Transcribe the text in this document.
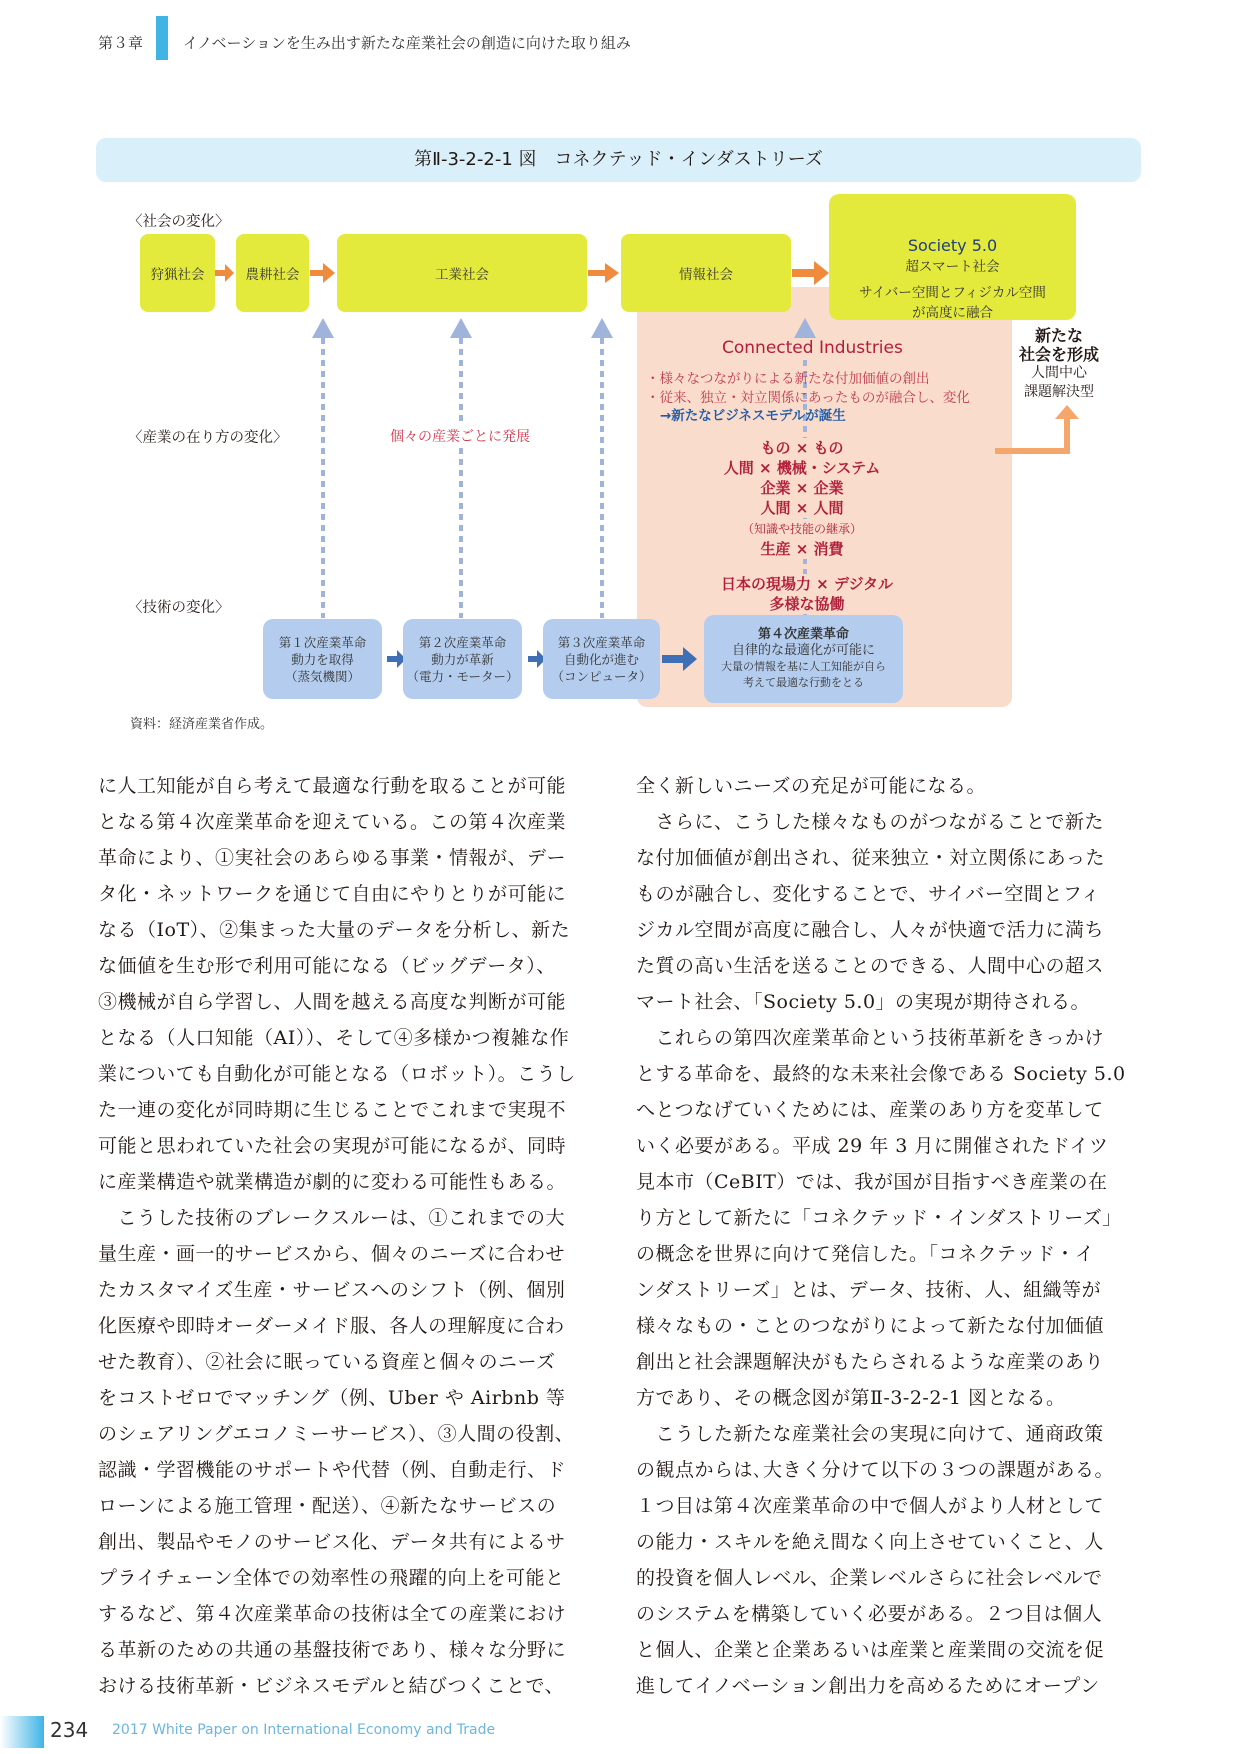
第３章	イノベーションを生み出す新たな産業社会の創造に向けた取り組み
第Ⅱ-3-2-2-1 図　コネクテッド・インダストリーズ
〈社会の変化〉
〈産業の在り方の変化〉
〈技術の変化〉
狩猟社会	農耕社会	工業社会	情報社会
Society 5.0
超スマート社会
サイバー空間とフィジカル空間
が高度に融合
個々の産業ごとに発展
Connected Industries
・様々なつながりによる新たな付加価値の創出
・従来、独立・対立関係にあったものが融合し、変化
→新たなビジネスモデルが誕生
もの × もの
人間 × 機械・システム
企業 × 企業
人間 × 人間
（知識や技能の継承）
生産 × 消費
日本の現場力 × デジタル
多様な協働
新たな
社会を形成
人間中心
課題解決型
第１次産業革命
動力を取得
（蒸気機関）
第２次産業革命
動力が革新
（電力・モーター）
第３次産業革命
自動化が進む
（コンピュータ）
第４次産業革命
自律的な最適化が可能に
大量の情報を基に人工知能が自ら
考えて最適な行動をとる
資料：経済産業省作成。

に人工知能が自ら考えて最適な行動を取ることが可能

となる第４次産業革命を迎えている。この第４次産業

革命により、①実社会のあらゆる事業・情報が、デー

タ化・ネットワークを通じて自由にやりとりが可能に

なる（IoT）、②集まった大量のデータを分析し、新た

な価値を生む形で利用可能になる（ビッグデータ）、

③機械が自ら学習し、人間を越える高度な判断が可能

となる（人口知能（AI））、そして④多様かつ複雑な作

業についても自動化が可能となる（ロボット）。こうし

た一連の変化が同時期に生じることでこれまで実現不

可能と思われていた社会の実現が可能になるが、同時

に産業構造や就業構造が劇的に変わる可能性もある。

　こうした技術のブレークスルーは、①これまでの大

量生産・画一的サービスから、個々のニーズに合わせ

たカスタマイズ生産・サービスへのシフト（例、個別

化医療や即時オーダーメイド服、各人の理解度に合わ

せた教育）、②社会に眠っている資産と個々のニーズ

をコストゼロでマッチング（例、Uber や Airbnb 等

のシェアリングエコノミーサービス）、③人間の役割、

認識・学習機能のサポートや代替（例、自動走行、ド

ローンによる施工管理・配送）、④新たなサービスの

創出、製品やモノのサービス化、データ共有によるサ

プライチェーン全体での効率性の飛躍的向上を可能と

するなど、第４次産業革命の技術は全ての産業におけ

る革新のための共通の基盤技術であり、様々な分野に

おける技術革新・ビジネスモデルと結びつくことで、

全く新しいニーズの充足が可能になる。

　さらに、こうした様々なものがつながることで新た

な付加価値が創出され、従来独立・対立関係にあった

ものが融合し、変化することで、サイバー空間とフィ

ジカル空間が高度に融合し、人々が快適で活力に満ち

た質の高い生活を送ることのできる、人間中心の超ス

マート社会、「Society 5.0」の実現が期待される。

　これらの第四次産業革命という技術革新をきっかけ

とする革命を、最終的な未来社会像である Society 5.0

へとつなげていくためには、産業のあり方を変革して

いく必要がある。平成 29 年 3 月に開催されたドイツ

見本市（CeBIT）では、我が国が目指すべき産業の在

り方として新たに「コネクテッド・インダストリーズ」

の概念を世界に向けて発信した。「コネクテッド・イ

ンダストリーズ」とは、データ、技術、人、組織等が

様々なもの・ことのつながりによって新たな付加価値

創出と社会課題解決がもたらされるような産業のあり

方であり、その概念図が第Ⅱ-3-2-2-1 図となる。

　こうした新たな産業社会の実現に向けて、通商政策

の観点からは､大きく分けて以下の３つの課題がある。

１つ目は第４次産業革命の中で個人がより人材として

の能力・スキルを絶え間なく向上させていくこと、人

的投資を個人レベル、企業レベルさらに社会レベルで

のシステムを構築していく必要がある。２つ目は個人

と個人、企業と企業あるいは産業と産業間の交流を促

進してイノベーション創出力を高めるためにオープン

234 2017 White Paper on International Economy and Trade
